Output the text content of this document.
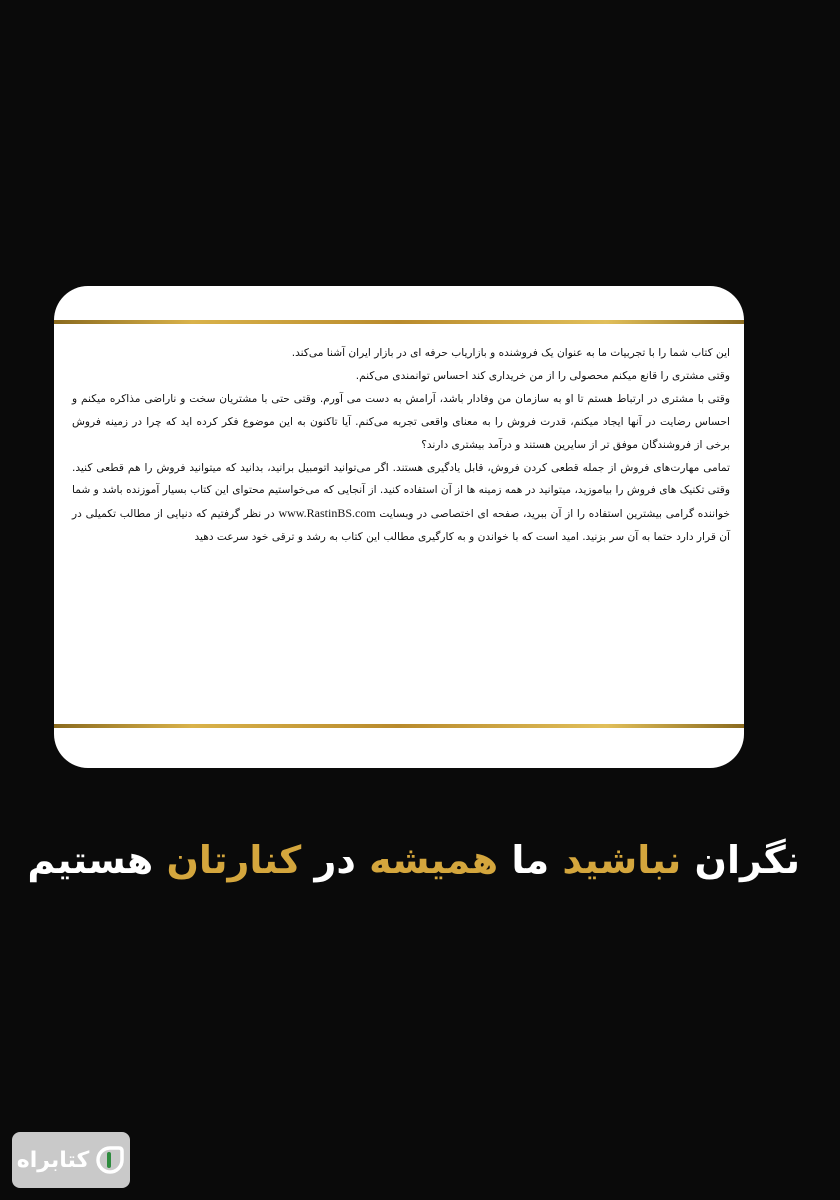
این کتاب شما را با تجربیات ما به عنوان یک فروشنده و بازاریاب حرفه ای در بازار ایران آشنا می‌کند.

وقتی مشتری را قانع میکنم محصولی را از من خریداری کند احساس توانمندی می‌کنم.

وقتی با مشتری در ارتباط هستم تا او به سازمان من وفادار باشد، آرامش به دست می آورم. وقتی حتی با مشتریان سخت و ناراضی مذاکره میکنم و احساس رضایت در آنها ایجاد میکنم، قدرت فروش را به معنای واقعی تجربه می‌کنم. آیا تاکنون به این موضوع فکر کرده اید که چرا در زمینه فروش برخی از فروشندگان موفق تر از سایرین هستند و درآمد بیشتری دارند؟

تمامی مهارت‌های فروش از جمله قطعی کردن فروش، قابل یادگیری هستند. اگر می‌توانید اتومبیل برانید، بدانید که میتوانید فروش را هم قطعی کنید. وقتی تکنیک های فروش را بیاموزید، میتوانید در همه زمینه ها از آن استفاده کنید. از آنجایی که می‌خواستیم محتوای این کتاب بسیار آموزنده باشد و شما خواننده گرامی بیشترین استفاده را از آن ببرید، صفحه ای اختصاصی در وبسایت www.RastinBS.com در نظر گرفتیم که دنیایی از مطالب تکمیلی در آن قرار دارد حتما به آن سر بزنید. امید است که با خواندن و به کارگیری مطالب این کتاب به رشد و ترقی خود سرعت دهید

نگران نباشید ما همیشه در کنارتان هستیم
کتابراه
